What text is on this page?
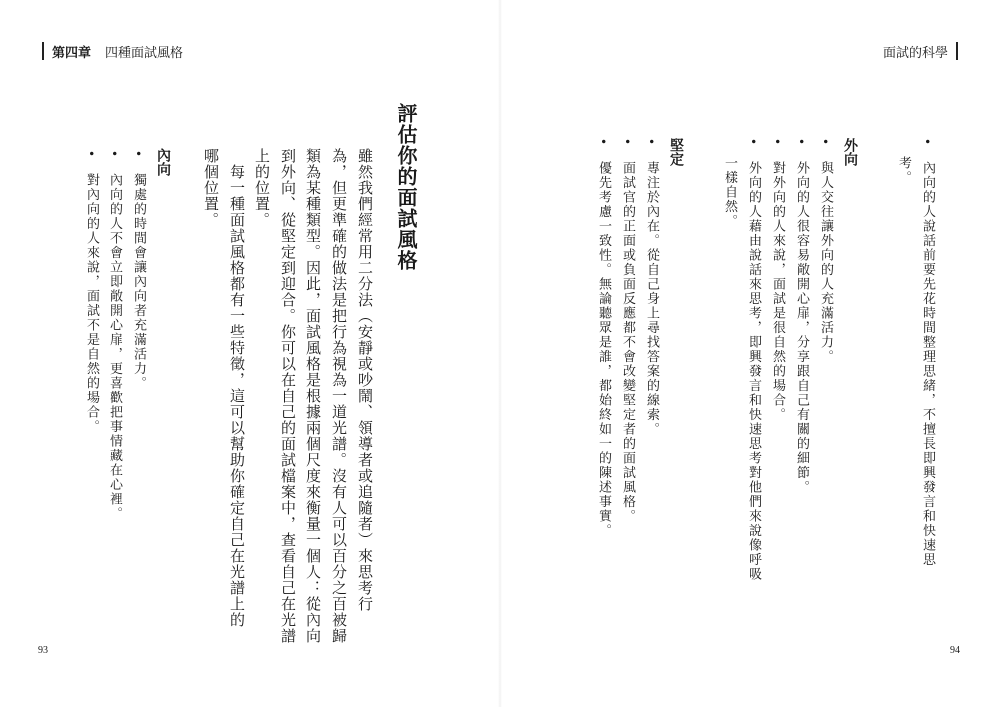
第四章 四種面試風格
評估你的面試風格
雖然我們經常用二分法（安靜或吵鬧、領導者或追隨者）來思考行
為，但更準確的做法是把行為視為一道光譜。沒有人可以百分之百被歸
類為某種類型。因此，面試風格是根據兩個尺度來衡量一個人：從內向
到外向、從堅定到迎合。你可以在自己的面試檔案中，查看自己在光譜
上的位置。
　每一種面試風格都有一些特徵，這可以幫助你確定自己在光譜上的
哪個位置。
內向
•　獨處的時間會讓內向者充滿活力。
•　內向的人不會立即敞開心扉，更喜歡把事情藏在心裡。
•　對內向的人來說，面試不是自然的場合。
93
面試的科學
•　內向的人說話前要先花時間整理思緒，不擅長即興發言和快速思
考。
外向
•　與人交往讓外向的人充滿活力。
•　外向的人很容易敞開心扉，分享跟自己有關的細節。
•　對外向的人來說，面試是很自然的場合。
•　外向的人藉由說話來思考，即興發言和快速思考對他們來說像呼吸
一樣自然。
堅定
•　專注於內在。從自己身上尋找答案的線索。
•　面試官的正面或負面反應都不會改變堅定者的面試風格。
•　優先考慮一致性。無論聽眾是誰，都始終如一的陳述事實。
94
